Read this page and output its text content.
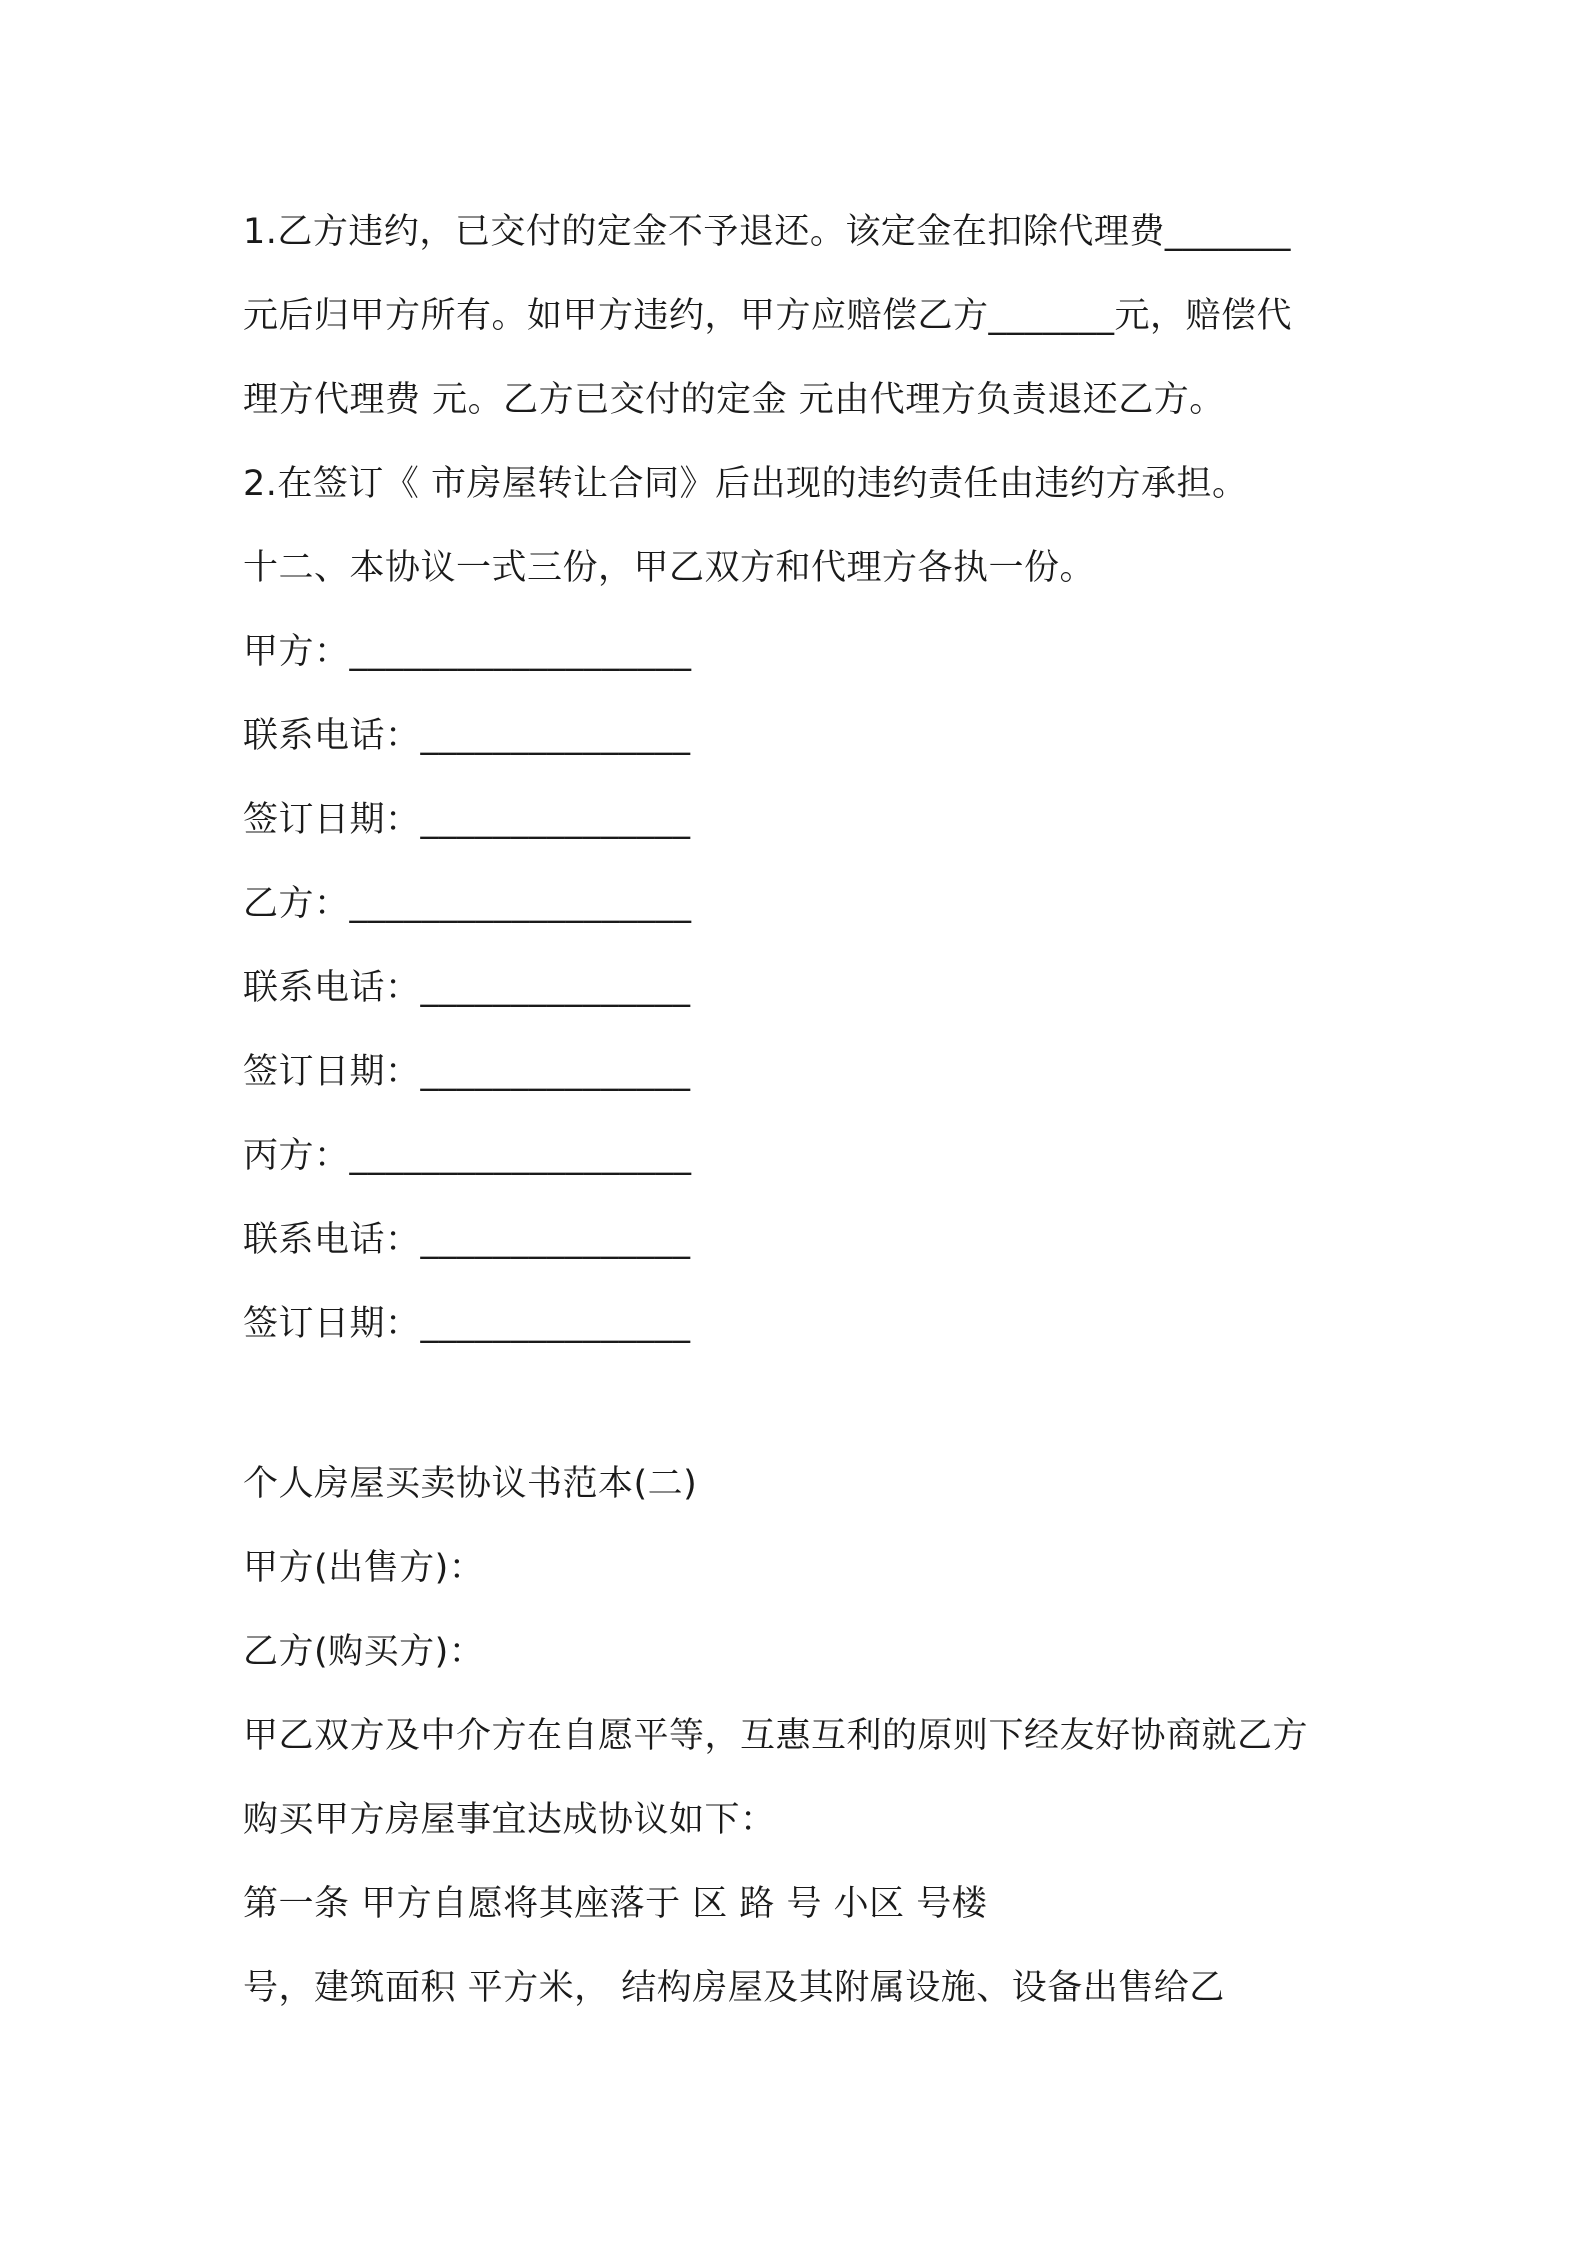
1.乙方违约，已交付的定金不予退还。该定金在扣除代理费_______
元后归甲方所有。如甲方违约，甲方应赔偿乙方_______元，赔偿代
理方代理费 元。乙方已交付的定金 元由代理方负责退还乙方。
2.在签订《 市房屋转让合同》后出现的违约责任由违约方承担。
十二、本协议一式三份，甲乙双方和代理方各执一份。
甲方：___________________
联系电话：_______________
签订日期：_______________
乙方：___________________
联系电话：_______________
签订日期：_______________
丙方：___________________
联系电话：_______________
签订日期：_______________
个人房屋买卖协议书范本(二)
甲方(出售方)：
乙方(购买方)：
甲乙双方及中介方在自愿平等，互惠互利的原则下经友好协商就乙方
购买甲方房屋事宜达成协议如下：
第一条 甲方自愿将其座落于 区 路 号 小区 号楼
号，建筑面积 平方米， 结构房屋及其附属设施、设备出售给乙
